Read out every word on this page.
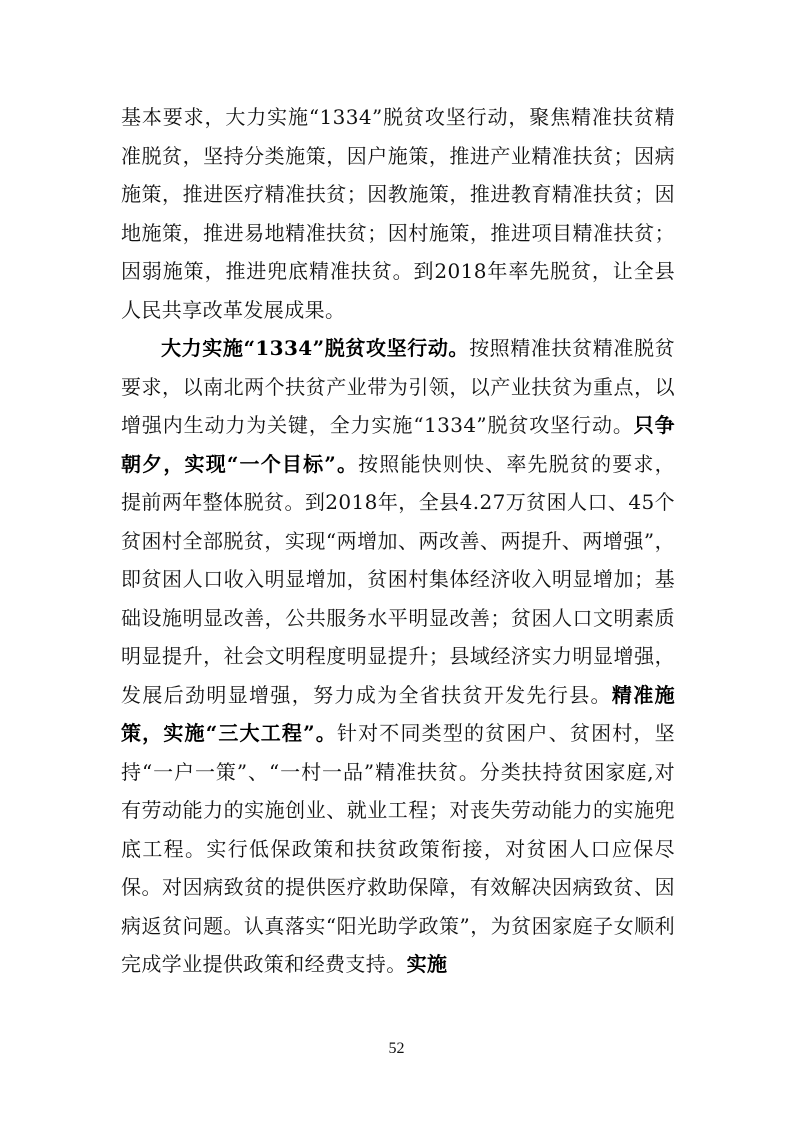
基本要求，大力实施“1334”脱贫攻坚行动，聚焦精准扶贫精准脱贫，坚持分类施策，因户施策，推进产业精准扶贫；因病施策，推进医疗精准扶贫；因教施策，推进教育精准扶贫；因地施策，推进易地精准扶贫；因村施策，推进项目精准扶贫；因弱施策，推进兜底精准扶贫。到2018年率先脱贫，让全县人民共享改革发展成果。

大力实施“1334”脱贫攻坚行动。按照精准扶贫精准脱贫要求，以南北两个扶贫产业带为引领，以产业扶贫为重点，以增强内生动力为关键，全力实施“1334”脱贫攻坚行动。只争朝夕，实现“一个目标”。按照能快则快、率先脱贫的要求，提前两年整体脱贫。到2018年，全县4.27万贫困人口、45个贫困村全部脱贫，实现“两增加、两改善、两提升、两增强”，即贫困人口收入明显增加，贫困村集体经济收入明显增加；基础设施明显改善，公共服务水平明显改善；贫困人口文明素质明显提升，社会文明程度明显提升；县域经济实力明显增强，发展后劲明显增强，努力成为全省扶贫开发先行县。精准施策，实施“三大工程”。针对不同类型的贫困户、贫困村，坚持“一户一策”、“一村一品”精准扶贫。分类扶持贫困家庭,对有劳动能力的实施创业、就业工程；对丧失劳动能力的实施兜底工程。实行低保政策和扶贫政策衔接，对贫困人口应保尽保。对因病致贫的提供医疗救助保障，有效解决因病致贫、因病返贫问题。认真落实“阳光助学政策”，为贫困家庭子女顺利完成学业提供政策和经费支持。实施

52
